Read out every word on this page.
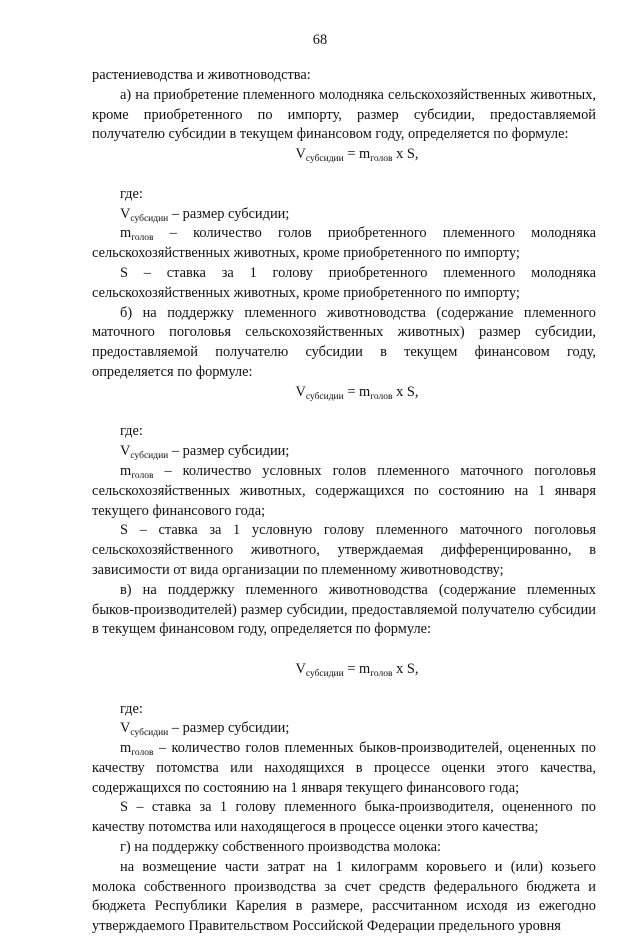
68

растениеводства и животноводства:

а) на приобретение племенного молодняка сельскохозяйственных животных, кроме приобретенного по импорту, размер субсидии, предоставляемой получателю субсидии в текущем финансовом году, определяется по формуле:

$V_{субсидии} = m_{голов}$ x S,

где:

$V_{субсидии}$ – размер субсидии;

$m_{голов}$ – количество голов приобретенного племенного молодняка сельскохозяйственных животных, кроме приобретенного по импорту;

S – ставка за 1 голову приобретенного племенного молодняка сельскохозяйственных животных, кроме приобретенного по импорту;

б) на поддержку племенного животноводства (содержание племенного маточного поголовья сельскохозяйственных животных) размер субсидии, предоставляемой получателю субсидии в текущем финансовом году, определяется по формуле:

$V_{субсидии} = m_{голов}$ x S,

где:

$V_{субсидии}$ – размер субсидии;

$m_{голов}$ – количество условных голов племенного маточного поголовья сельскохозяйственных животных, содержащихся по состоянию на 1 января текущего финансового года;

S – ставка за 1 условную голову племенного маточного поголовья сельскохозяйственного животного, утверждаемая дифференцированно, в зависимости от вида организации по племенному животноводству;

в) на поддержку племенного животноводства (содержание племенных быков-производителей) размер субсидии, предоставляемой получателю субсидии в текущем финансовом году, определяется по формуле:

$V_{субсидии} = m_{голов}$ x S,

где:

$V_{субсидии}$ – размер субсидии;

$m_{голов}$ – количество голов племенных быков-производителей, оцененных по качеству потомства или находящихся в процессе оценки этого качества, содержащихся по состоянию на 1 января текущего финансового года;

S – ставка за 1 голову племенного быка-производителя, оцененного по качеству потомства или находящегося в процессе оценки этого качества;

г) на поддержку собственного производства молока:

на возмещение части затрат на 1 килограмм коровьего и (или) козьего молока собственного производства за счет средств федерального бюджета и бюджета Республики Карелия в размере, рассчитанном исходя из ежегодно утверждаемого Правительством Российской Федерации предельного уровня
